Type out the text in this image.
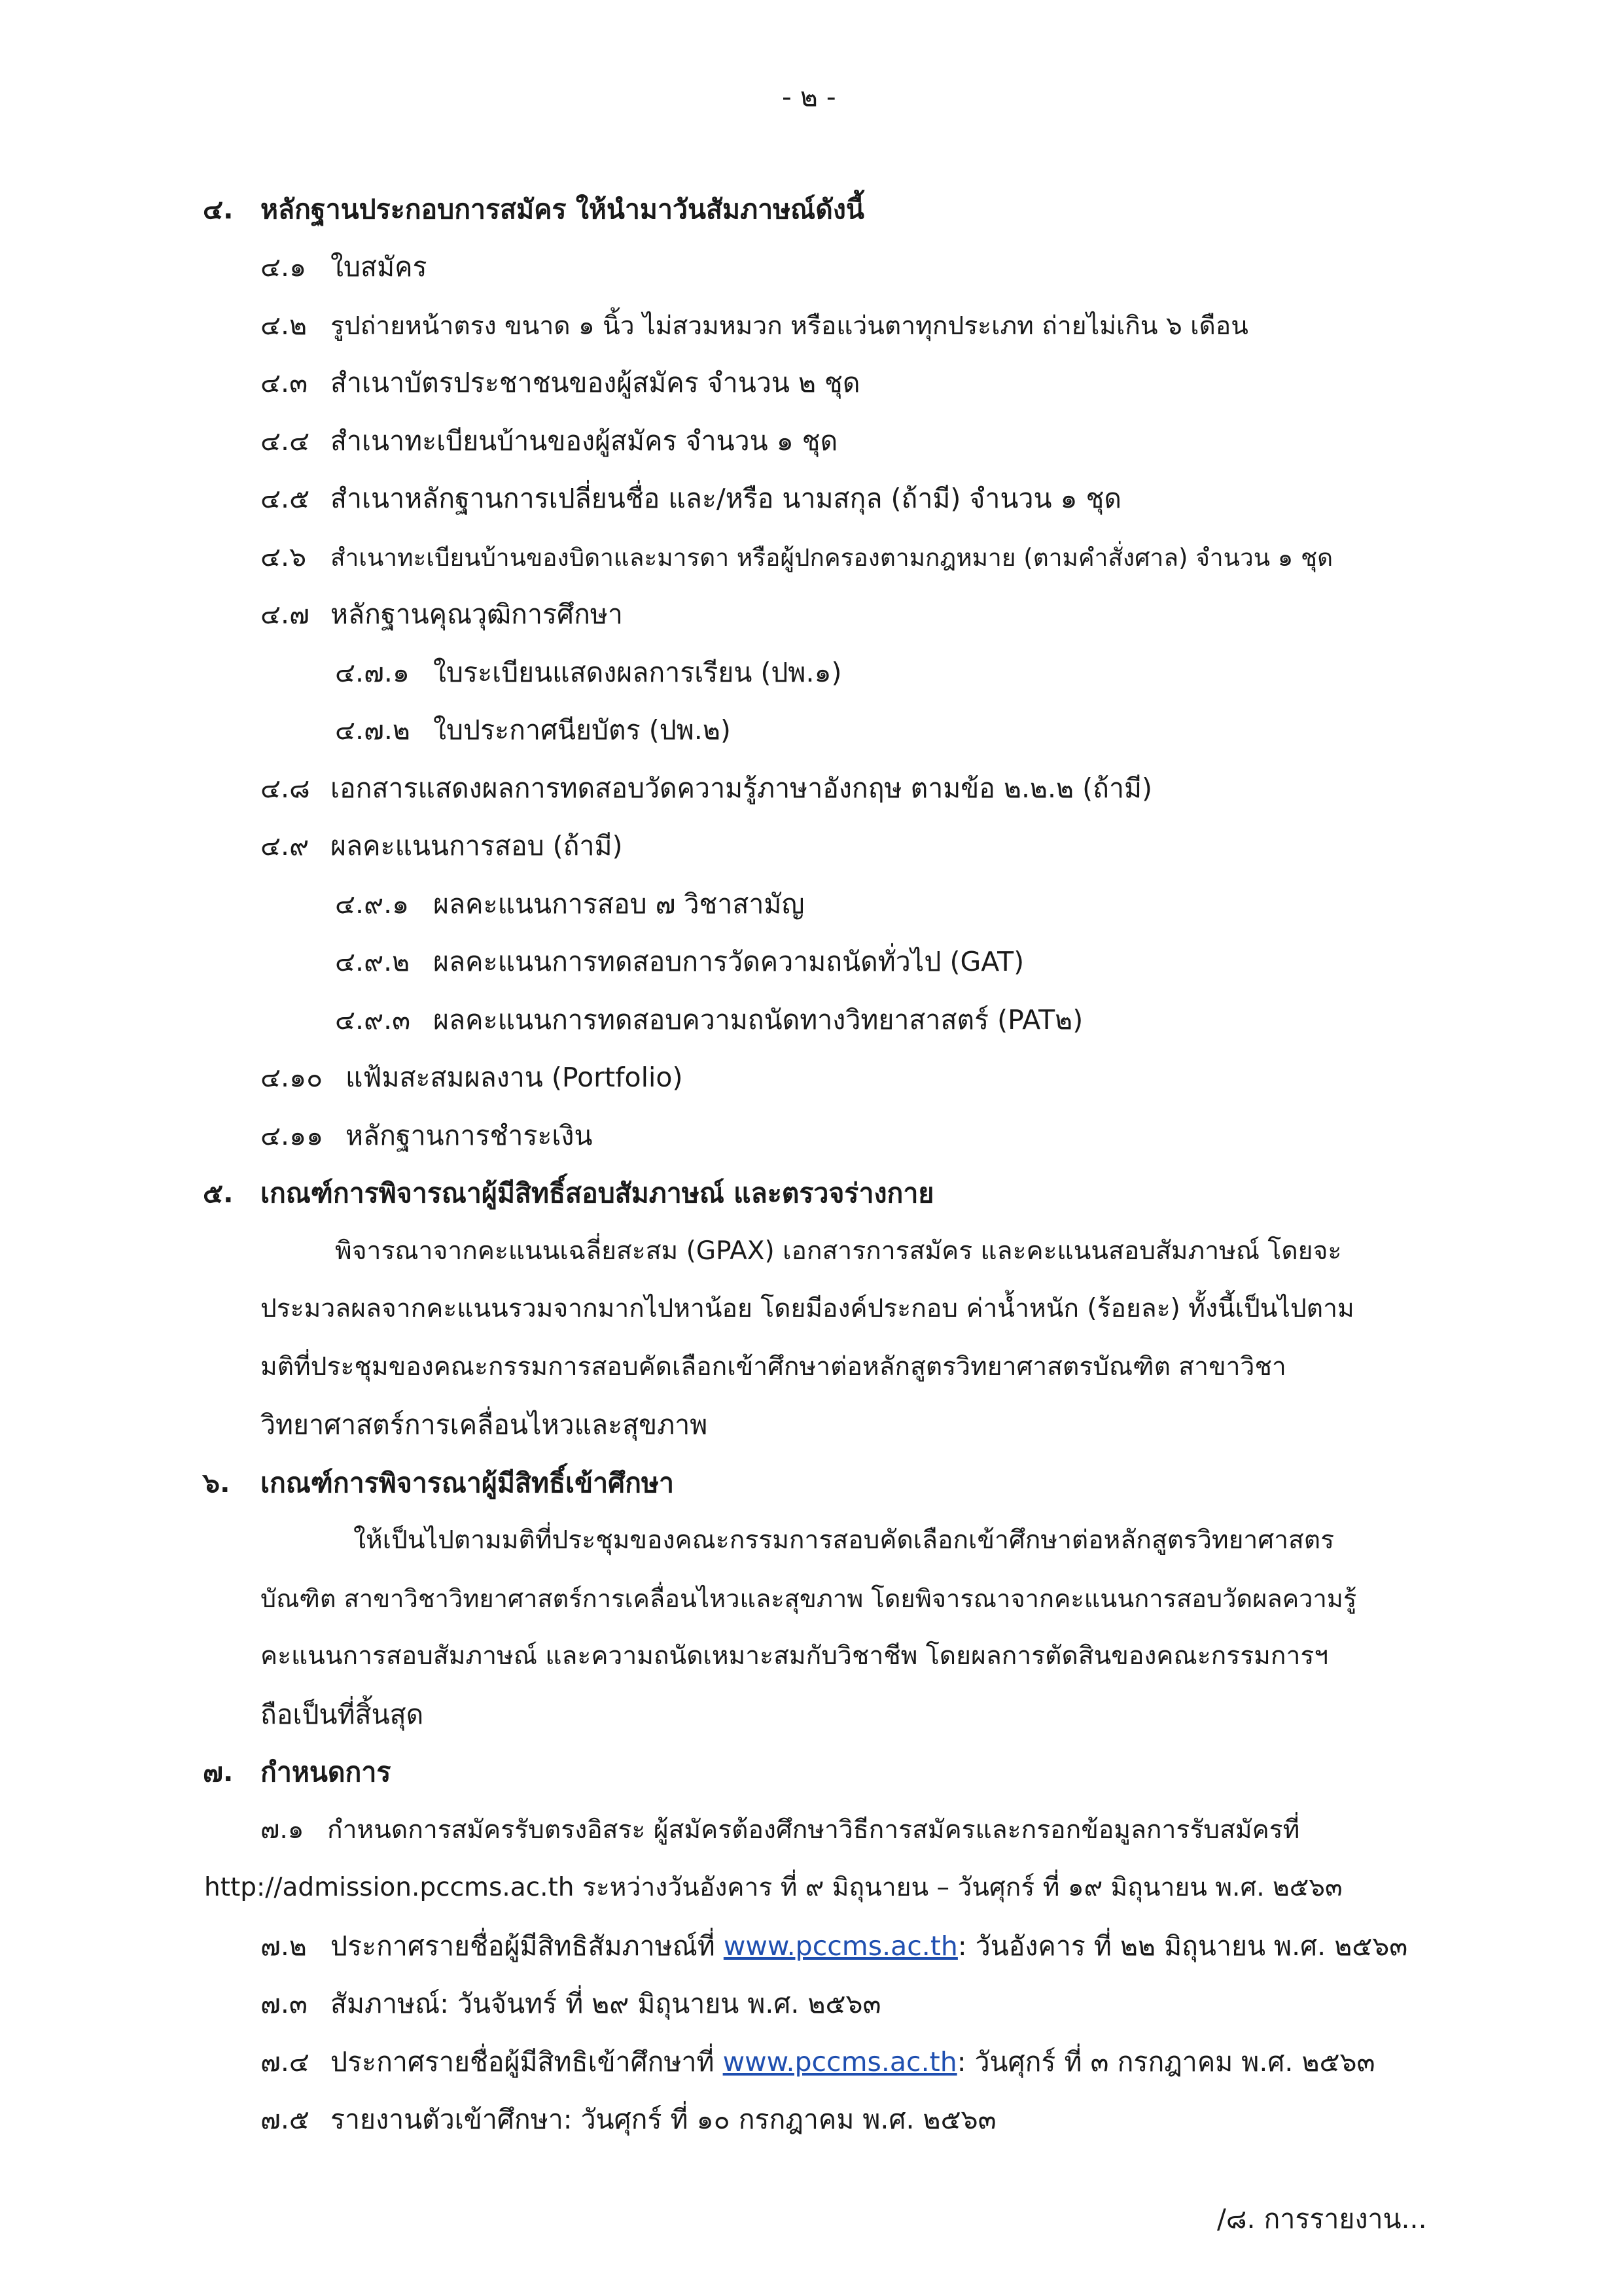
- ๒ -
๔. หลักฐานประกอบการสมัคร ให้นำมาวันสัมภาษณ์ดังนี้
๔.๑ ใบสมัคร
๔.๒ รูปถ่ายหน้าตรง ขนาด ๑ นิ้ว ไม่สวมหมวก หรือแว่นตาทุกประเภท ถ่ายไม่เกิน ๖ เดือน
๔.๓ สำเนาบัตรประชาชนของผู้สมัคร จำนวน ๒ ชุด
๔.๔ สำเนาทะเบียนบ้านของผู้สมัคร จำนวน ๑ ชุด
๔.๕ สำเนาหลักฐานการเปลี่ยนชื่อ และ/หรือ นามสกุล (ถ้ามี) จำนวน ๑ ชุด
๔.๖ สำเนาทะเบียนบ้านของบิดาและมารดา หรือผู้ปกครองตามกฎหมาย (ตามคำสั่งศาล) จำนวน ๑ ชุด
๔.๗ หลักฐานคุณวุฒิการศึกษา
๔.๗.๑ ใบระเบียนแสดงผลการเรียน (ปพ.๑)
๔.๗.๒ ใบประกาศนียบัตร (ปพ.๒)
๔.๘ เอกสารแสดงผลการทดสอบวัดความรู้ภาษาอังกฤษ ตามข้อ ๒.๒.๒ (ถ้ามี)
๔.๙ ผลคะแนนการสอบ (ถ้ามี)
๔.๙.๑ ผลคะแนนการสอบ ๗ วิชาสามัญ
๔.๙.๒ ผลคะแนนการทดสอบการวัดความถนัดทั่วไป (GAT)
๔.๙.๓ ผลคะแนนการทดสอบความถนัดทางวิทยาสาสตร์ (PAT๒)
๔.๑๐ แฟ้มสะสมผลงาน (Portfolio)
๔.๑๑ หลักฐานการชำระเงิน
๕. เกณฑ์การพิจารณาผู้มีสิทธิ์สอบสัมภาษณ์ และตรวจร่างกาย
พิจารณาจากคะแนนเฉลี่ยสะสม (GPAX) เอกสารการสมัคร และคะแนนสอบสัมภาษณ์ โดยจะ
ประมวลผลจากคะแนนรวมจากมากไปหาน้อย โดยมีองค์ประกอบ ค่าน้ำหนัก (ร้อยละ) ทั้งนี้เป็นไปตาม
มติที่ประชุมของคณะกรรมการสอบคัดเลือกเข้าศึกษาต่อหลักสูตรวิทยาศาสตรบัณฑิต สาขาวิชา
วิทยาศาสตร์การเคลื่อนไหวและสุขภาพ
๖. เกณฑ์การพิจารณาผู้มีสิทธิ์เข้าศึกษา
ให้เป็นไปตามมติที่ประชุมของคณะกรรมการสอบคัดเลือกเข้าศึกษาต่อหลักสูตรวิทยาศาสตร
บัณฑิต สาขาวิชาวิทยาศาสตร์การเคลื่อนไหวและสุขภาพ โดยพิจารณาจากคะแนนการสอบวัดผลความรู้
คะแนนการสอบสัมภาษณ์ และความถนัดเหมาะสมกับวิชาชีพ โดยผลการตัดสินของคณะกรรมการฯ
ถือเป็นที่สิ้นสุด
๗. กำหนดการ
๗.๑ กำหนดการสมัครรับตรงอิสระ ผู้สมัครต้องศึกษาวิธีการสมัครและกรอกข้อมูลการรับสมัครที่
http://admission.pccms.ac.th ระหว่างวันอังคาร ที่ ๙ มิถุนายน – วันศุกร์ ที่ ๑๙ มิถุนายน พ.ศ. ๒๕๖๓
๗.๒ ประกาศรายชื่อผู้มีสิทธิสัมภาษณ์ที่ www.pccms.ac.th: วันอังคาร ที่ ๒๒ มิถุนายน พ.ศ. ๒๕๖๓
๗.๓ สัมภาษณ์: วันจันทร์ ที่ ๒๙ มิถุนายน พ.ศ. ๒๕๖๓
๗.๔ ประกาศรายชื่อผู้มีสิทธิเข้าศึกษาที่ www.pccms.ac.th: วันศุกร์ ที่ ๓ กรกฎาคม พ.ศ. ๒๕๖๓
๗.๕ รายงานตัวเข้าศึกษา: วันศุกร์ ที่ ๑๐ กรกฎาคม พ.ศ. ๒๕๖๓
/๘. การรายงาน...
